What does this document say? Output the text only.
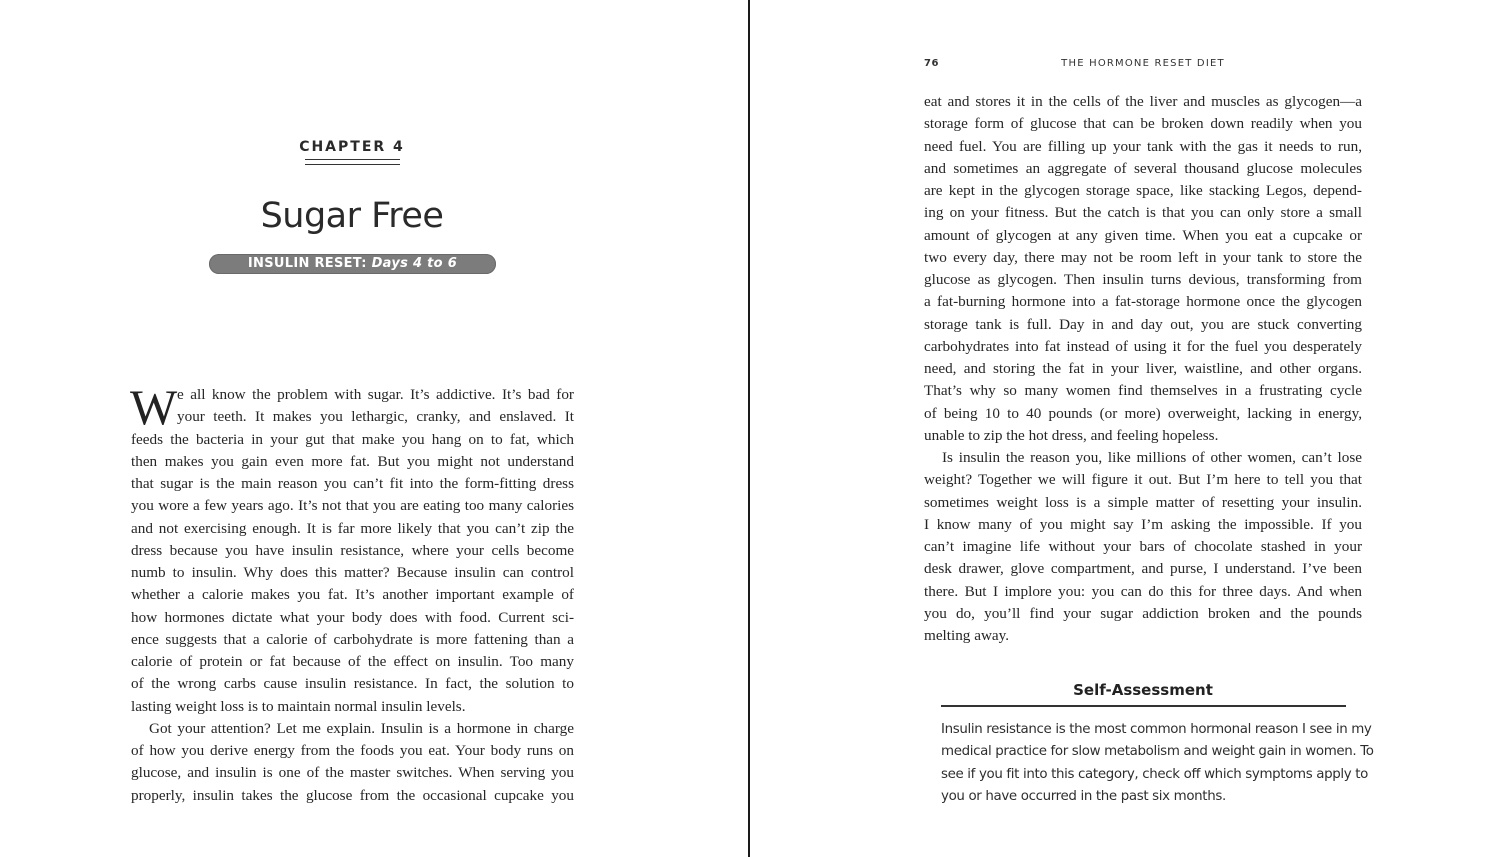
CHAPTER 4
Sugar Free
INSULIN RESET: Days 4 to 6
W e all know the problem with sugar. It’s addictive. It’s bad for
your teeth. It makes you lethargic, cranky, and enslaved. It
feeds the bacteria in your gut that make you hang on to fat, which
then makes you gain even more fat. But you might not understand
that sugar is the main reason you can’t fit into the form-fitting dress
you wore a few years ago. It’s not that you are eating too many calories
and not exercising enough. It is far more likely that you can’t zip the
dress because you have insulin resistance, where your cells become
numb to insulin. Why does this matter? Because insulin can control
whether a calorie makes you fat. It’s another important example of
how hormones dictate what your body does with food. Current sci-
ence suggests that a calorie of carbohydrate is more fattening than a
calorie of protein or fat because of the effect on insulin. Too many
of the wrong carbs cause insulin resistance. In fact, the solution to
lasting weight loss is to maintain normal insulin levels.
Got your attention? Let me explain. Insulin is a hormone in charge
of how you derive energy from the foods you eat. Your body runs on
glucose, and insulin is one of the master switches. When serving you
properly, insulin takes the glucose from the occasional cupcake you
THE HORMONE RESET DIET
76
eat and stores it in the cells of the liver and muscles as glycogen—a
storage form of glucose that can be broken down readily when you
need fuel. You are filling up your tank with the gas it needs to run,
and sometimes an aggregate of several thousand glucose molecules
are kept in the glycogen storage space, like stacking Legos, depend-
ing on your fitness. But the catch is that you can only store a small
amount of glycogen at any given time. When you eat a cupcake or
two every day, there may not be room left in your tank to store the
glucose as glycogen. Then insulin turns devious, transforming from
a fat-burning hormone into a fat-storage hormone once the glycogen
storage tank is full. Day in and day out, you are stuck converting
carbohydrates into fat instead of using it for the fuel you desperately
need, and storing the fat in your liver, waistline, and other organs.
That’s why so many women find themselves in a frustrating cycle
of being 10 to 40 pounds (or more) overweight, lacking in energy,
unable to zip the hot dress, and feeling hopeless.
Is insulin the reason you, like millions of other women, can’t lose
weight? Together we will figure it out. But I’m here to tell you that
sometimes weight loss is a simple matter of resetting your insulin.
I know many of you might say I’m asking the impossible. If you
can’t imagine life without your bars of chocolate stashed in your
desk drawer, glove compartment, and purse, I understand. I’ve been
there. But I implore you: you can do this for three days. And when
you do, you’ll find your sugar addiction broken and the pounds
melting away.
Self-Assessment
Insulin resistance is the most common hormonal reason I see in my
medical practice for slow metabolism and weight gain in women. To
see if you fit into this category, check off which symptoms apply to
you or have occurred in the past six months.
